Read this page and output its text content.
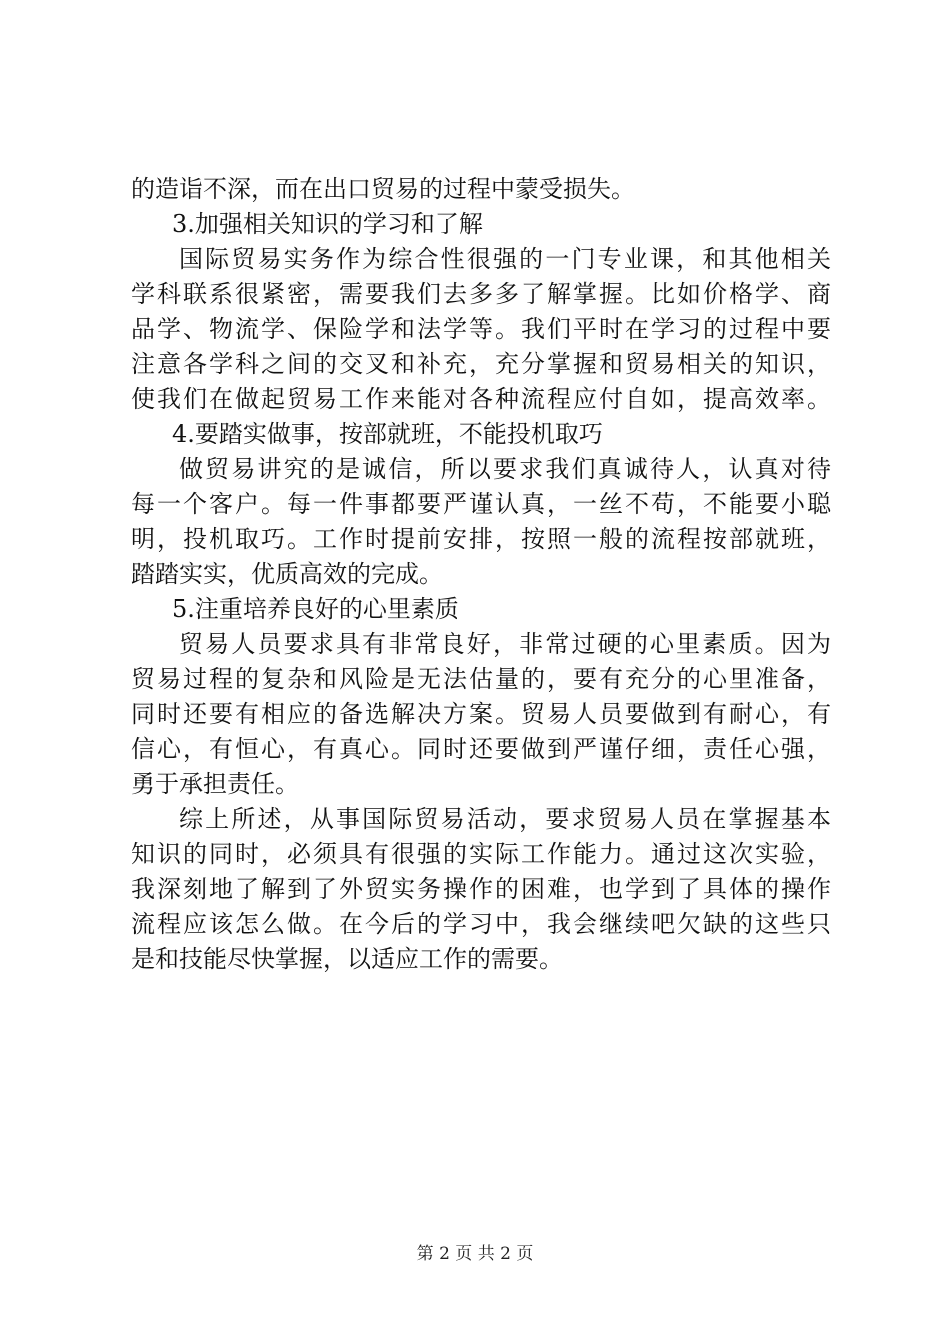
的造诣不深，而在出口贸易的过程中蒙受损失。
3.加强相关知识的学习和了解
国际贸易实务作为综合性很强的一门专业课，和其他相关
学科联系很紧密，需要我们去多多了解掌握。比如价格学、商
品学、物流学、保险学和法学等。我们平时在学习的过程中要
注意各学科之间的交叉和补充，充分掌握和贸易相关的知识，
使我们在做起贸易工作来能对各种流程应付自如，提高效率。
4.要踏实做事，按部就班，不能投机取巧
做贸易讲究的是诚信，所以要求我们真诚待人，认真对待
每一个客户。每一件事都要严谨认真，一丝不苟，不能要小聪
明，投机取巧。工作时提前安排，按照一般的流程按部就班，
踏踏实实，优质高效的完成。
5.注重培养良好的心里素质
贸易人员要求具有非常良好，非常过硬的心里素质。因为
贸易过程的复杂和风险是无法估量的，要有充分的心里准备，
同时还要有相应的备选解决方案。贸易人员要做到有耐心，有
信心，有恒心，有真心。同时还要做到严谨仔细，责任心强，
勇于承担责任。
综上所述，从事国际贸易活动，要求贸易人员在掌握基本
知识的同时，必须具有很强的实际工作能力。通过这次实验，
我深刻地了解到了外贸实务操作的困难，也学到了具体的操作
流程应该怎么做。在今后的学习中，我会继续吧欠缺的这些只
是和技能尽快掌握，以适应工作的需要。
第 2 页 共 2 页
